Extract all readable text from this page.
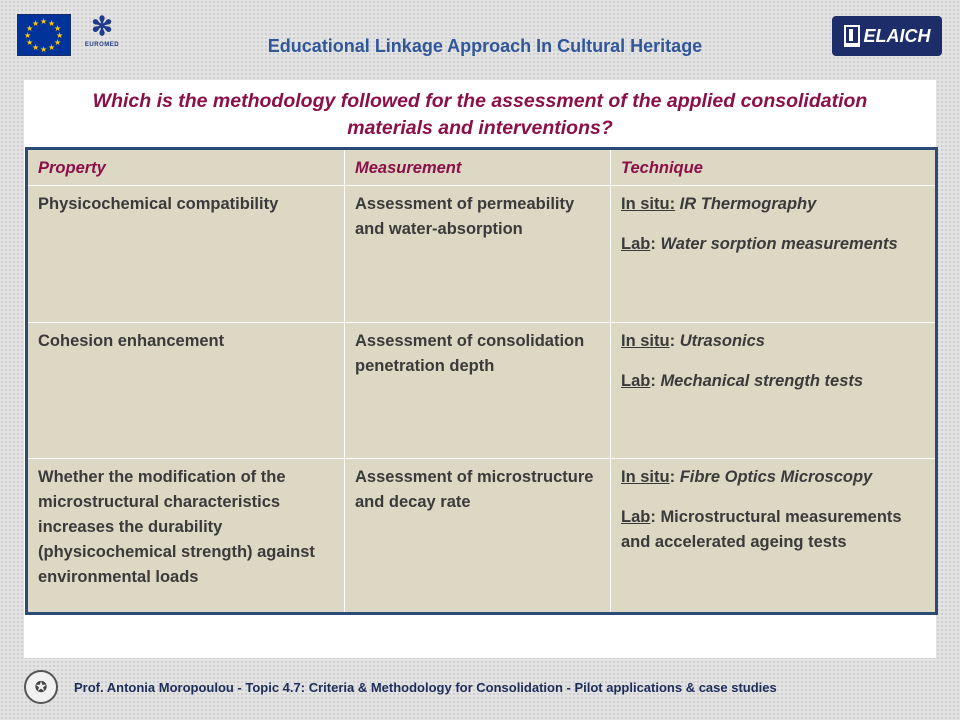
★ ★
★
★
★
★
★
★
★
★
★
★	✻
EUROMED	Educational Linkage Approach In Cultural Heritage
ELAICH

Which is the methodology followed for the assessment of the applied consolidation materials and interventions?

Property	Measurement	Technique
Physicochemical compatibility	Assessment of permeability and water-absorption	In situ: IR Thermography
Lab: Water sorption measurements

Cohesion enhancement	Assessment of consolidation penetration depth	In situ: Utrasonics
Lab: Mechanical strength tests

Whether the modification of the microstructural characteristics increases the durability (physicochemical strength) against environmental loads	Assessment of microstructure and decay rate	In situ: Fibre Optics Microscopy
Lab: Microstructural measurements and accelerated ageing tests
✪	Prof. Antonia Moropoulou - Topic 4.7: Criteria & Methodology for Consolidation - Pilot applications & case studies
